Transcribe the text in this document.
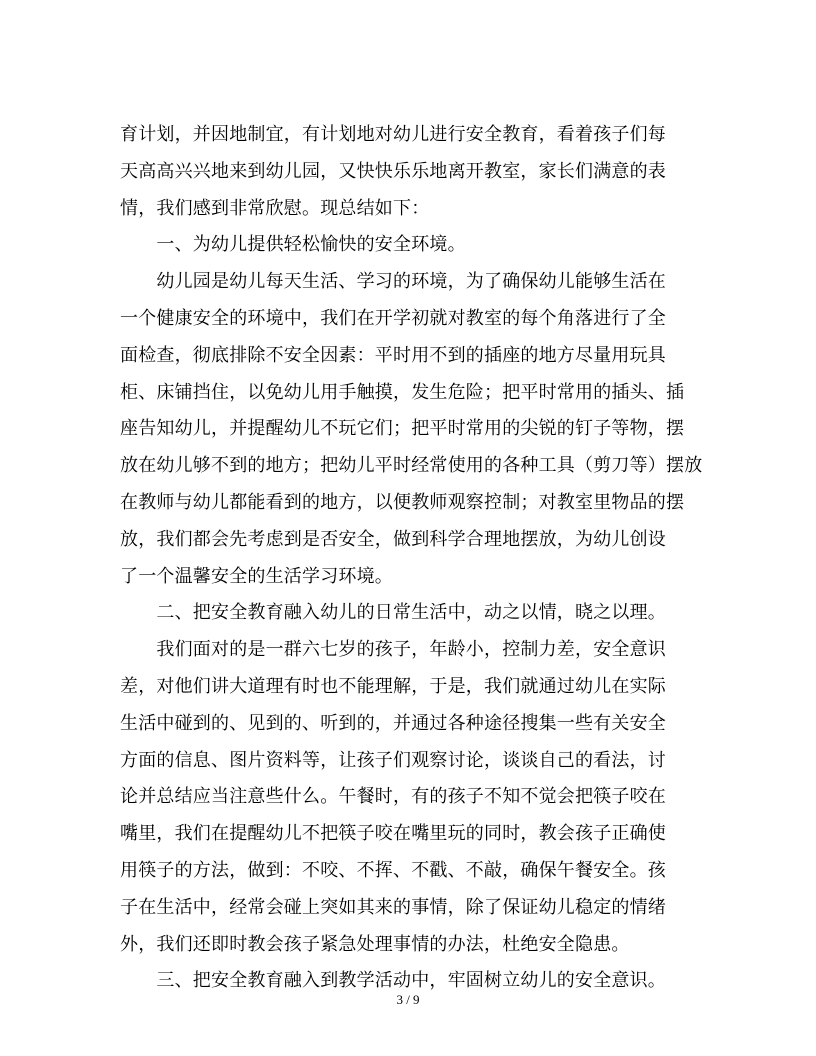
育计划，并因地制宜，有计划地对幼儿进行安全教育，看着孩子们每
天高高兴兴地来到幼儿园，又快快乐乐地离开教室，家长们满意的表
情，我们感到非常欣慰。现总结如下：
　　一、为幼儿提供轻松愉快的安全环境。
　　幼儿园是幼儿每天生活、学习的环境，为了确保幼儿能够生活在
一个健康安全的环境中，我们在开学初就对教室的每个角落进行了全
面检查，彻底排除不安全因素：平时用不到的插座的地方尽量用玩具
柜、床铺挡住，以免幼儿用手触摸，发生危险；把平时常用的插头、插
座告知幼儿，并提醒幼儿不玩它们；把平时常用的尖锐的钉子等物，摆
放在幼儿够不到的地方；把幼儿平时经常使用的各种工具（剪刀等）摆放
在教师与幼儿都能看到的地方，以便教师观察控制；对教室里物品的摆
放，我们都会先考虑到是否安全，做到科学合理地摆放，为幼儿创设
了一个温馨安全的生活学习环境。
　　二、把安全教育融入幼儿的日常生活中，动之以情，晓之以理。
　　我们面对的是一群六七岁的孩子，年龄小，控制力差，安全意识
差，对他们讲大道理有时也不能理解，于是，我们就通过幼儿在实际
生活中碰到的、见到的、听到的，并通过各种途径搜集一些有关安全
方面的信息、图片资料等，让孩子们观察讨论，谈谈自己的看法，讨
论并总结应当注意些什么。午餐时，有的孩子不知不觉会把筷子咬在
嘴里，我们在提醒幼儿不把筷子咬在嘴里玩的同时，教会孩子正确使
用筷子的方法，做到：不咬、不挥、不戳、不敲，确保午餐安全。孩
子在生活中，经常会碰上突如其来的事情，除了保证幼儿稳定的情绪
外，我们还即时教会孩子紧急处理事情的办法，杜绝安全隐患。
　　三、把安全教育融入到教学活动中，牢固树立幼儿的安全意识。
3 / 9
